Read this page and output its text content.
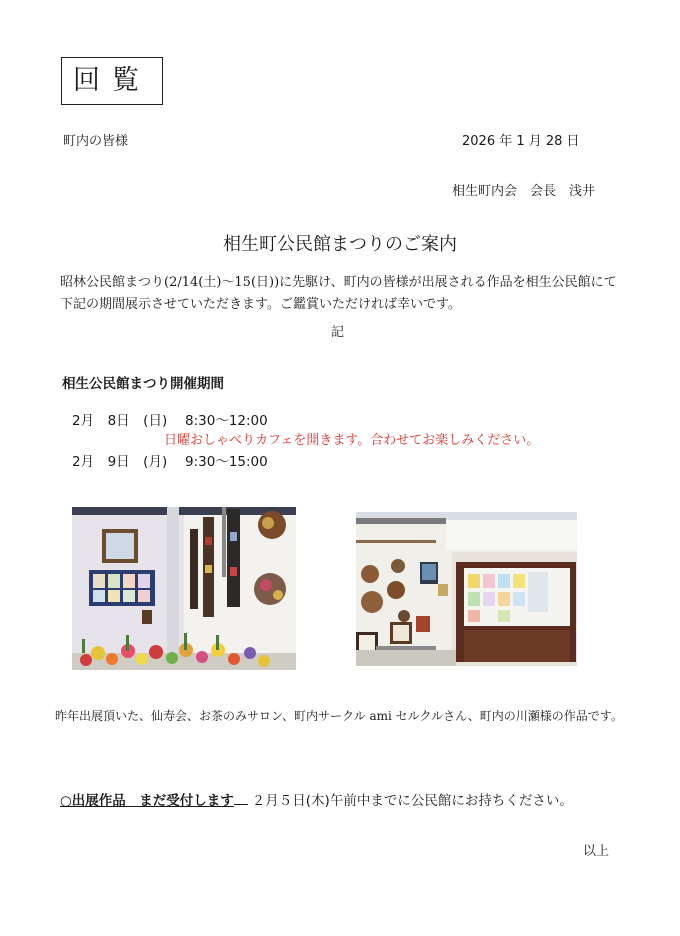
回覧
町内の皆様	2026 年 1 月 28 日
相生町内会　会長　浅井
相生町公民館まつりのご案内
昭林公民館まつり(2/14(土)～15(日))に先駆け、町内の皆様が出展される作品を相生公民館にて
下記の期間展示させていただきます。ご鑑賞いただければ幸いです。
記
相生公民館まつり開催期間
2月　8日　(日)　 8:30～12:00
日曜おしゃべりカフェを開きます。合わせてお楽しみください。
2月　9日　(月)　 9:30～15:00
昨年出展頂いた、仙寿会、お茶のみサロン、町内サークル ami セルクルさん、町内の川瀬様の作品です。
○出展作品　まだ受付します ２月５日(木)午前中までに公民館にお持ちください。
以上
